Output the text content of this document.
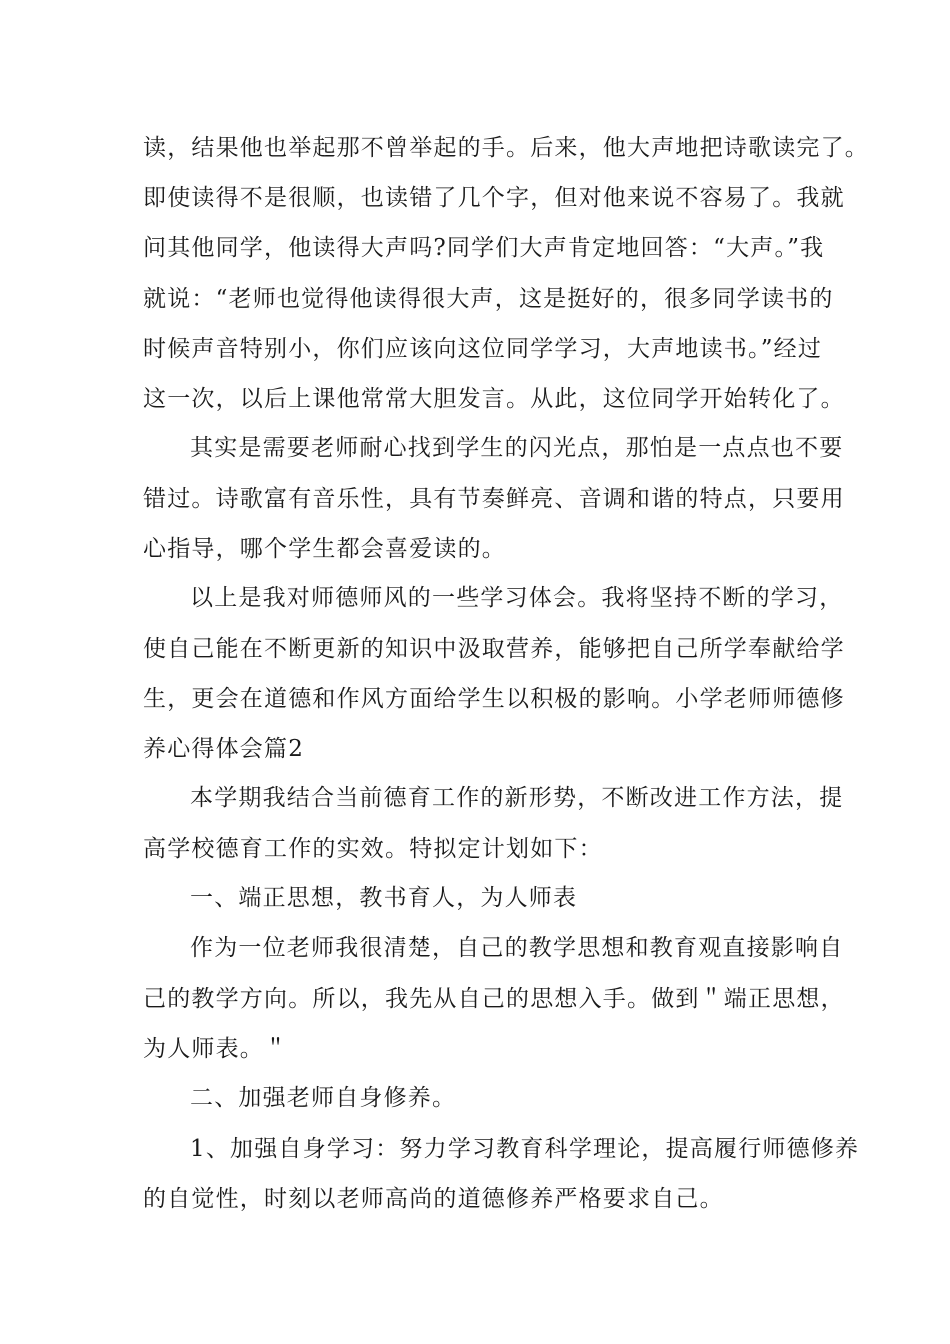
读，结果他也举起那不曾举起的手。后来，他大声地把诗歌读完了。
即使读得不是很顺，也读错了几个字，但对他来说不容易了。我就
问其他同学，他读得大声吗?同学们大声肯定地回答：“大声。”我
就说：“老师也觉得他读得很大声，这是挺好的，很多同学读书的
时候声音特别小，你们应该向这位同学学习，大声地读书。”经过
这一次，以后上课他常常大胆发言。从此，这位同学开始转化了。
其实是需要老师耐心找到学生的闪光点，那怕是一点点也不要
错过。诗歌富有音乐性，具有节奏鲜亮、音调和谐的特点，只要用
心指导，哪个学生都会喜爱读的。
以上是我对师德师风的一些学习体会。我将坚持不断的学习，
使自己能在不断更新的知识中汲取营养，能够把自己所学奉献给学
生，更会在道德和作风方面给学生以积极的影响。小学老师师德修
养心得体会篇2
本学期我结合当前德育工作的新形势，不断改进工作方法，提
高学校德育工作的实效。特拟定计划如下：
一、端正思想，教书育人，为人师表
作为一位老师我很清楚，自己的教学思想和教育观直接影响自
己的教学方向。所以，我先从自己的思想入手。做到＂端正思想，
为人师表。＂
二、加强老师自身修养。
1、加强自身学习：努力学习教育科学理论，提高履行师德修养
的自觉性，时刻以老师高尚的道德修养严格要求自己。
